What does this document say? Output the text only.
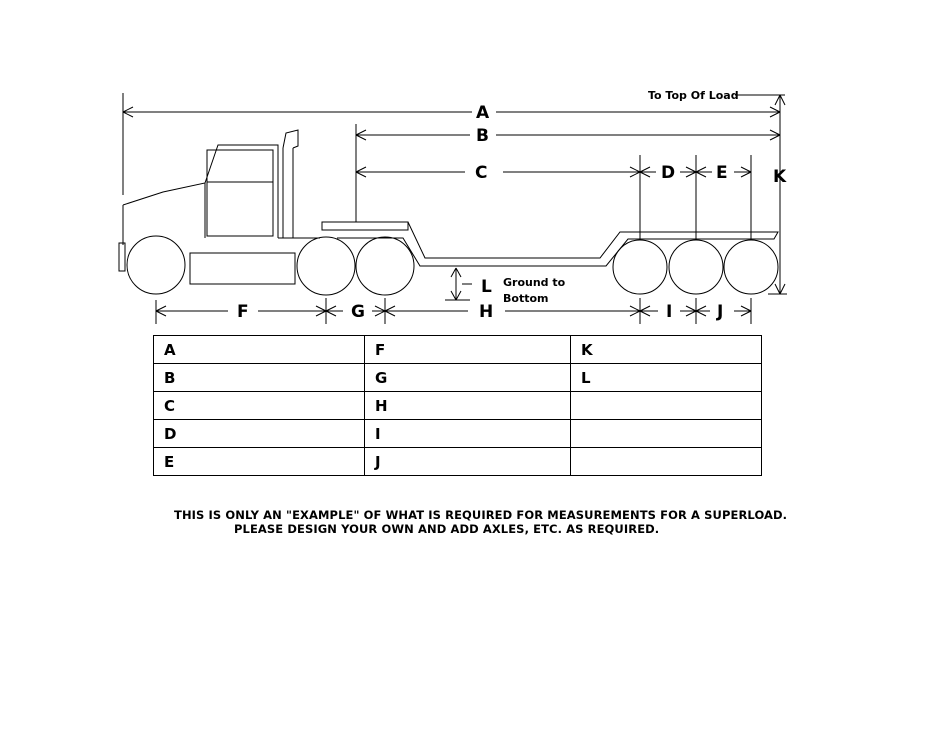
A
B
C	D E	K
F	G	H	I	J
L
To Top Of Load
Ground to
Bottom
A	F	K
B	G	L
C	H	
D	I	
E	J	
THIS IS ONLY AN "EXAMPLE" OF WHAT IS REQUIRED FOR MEASUREMENTS FOR A SUPERLOAD.
PLEASE DESIGN YOUR OWN AND ADD AXLES, ETC. AS REQUIRED.
